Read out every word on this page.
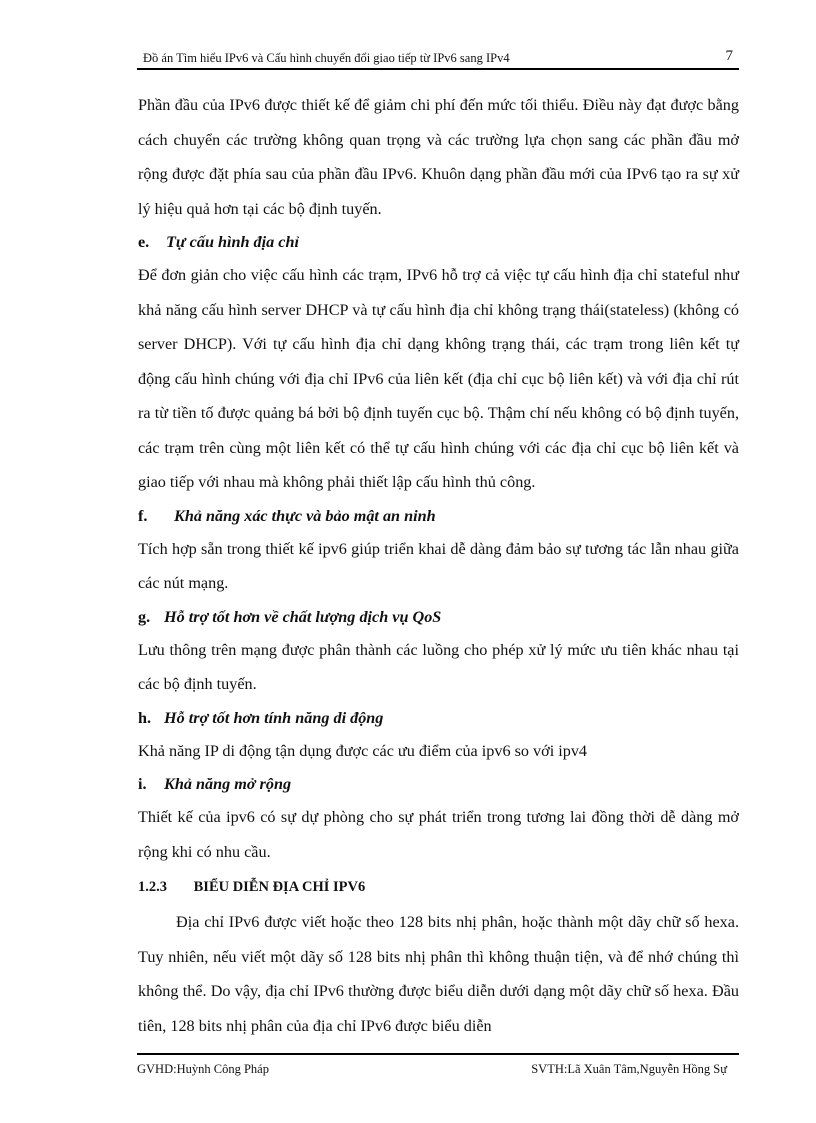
Đồ án Tìm hiểu IPv6 và Cấu hình chuyển đổi giao tiếp từ IPv6 sang IPv4	7

Phần đầu của IPv6 được thiết kế để giảm chi phí đến mức tối thiểu. Điều này đạt được bằng cách chuyển các trường không quan trọng và các trường lựa chọn sang các phần đầu mở rộng được đặt phía sau của phần đầu IPv6. Khuôn dạng phần đầu mới của IPv6 tạo ra sự xử lý hiệu quả hơn tại các bộ định tuyến.

e. Tự cấu hình địa chỉ

Để đơn giản cho việc cấu hình các trạm, IPv6 hỗ trợ cả việc tự cấu hình địa chỉ stateful như khả năng cấu hình server DHCP và tự cấu hình địa chỉ không trạng thái(stateless) (không có server DHCP). Với tự cấu hình địa chỉ dạng không trạng thái, các trạm trong liên kết tự động cấu hình chúng với địa chỉ IPv6 của liên kết (địa chỉ cục bộ liên kết) và với địa chỉ rút ra từ tiền tố được quảng bá bởi bộ định tuyến cục bộ. Thậm chí nếu không có bộ định tuyến, các trạm trên cùng một liên kết có thể tự cấu hình chúng với các địa chỉ cục bộ liên kết và giao tiếp với nhau mà không phải thiết lập cấu hình thủ công.

f. Khả năng xác thực và bảo mật an ninh

Tích hợp sẵn trong thiết kế ipv6 giúp triển khai dễ dàng đảm bảo sự tương tác lẫn nhau giữa các nút mạng.

g. Hỗ trợ tốt hơn về chất lượng dịch vụ QoS

Lưu thông trên mạng được phân thành các luồng cho phép xử lý mức ưu tiên khác nhau tại các bộ định tuyến.

h. Hỗ trợ tốt hơn tính năng di động

Khả năng IP di động tận dụng được các ưu điểm của ipv6 so với ipv4

i. Khả năng mở rộng

Thiết kế của ipv6 có sự dự phòng cho sự phát triển trong tương lai đồng thời dễ dàng mở rộng khi có nhu cầu.

1.2.3 BIỂU DIỄN ĐỊA CHỈ IPV6

Địa chỉ IPv6 được viết hoặc theo 128 bits nhị phân, hoặc thành một dãy chữ số hexa. Tuy nhiên, nếu viết một dãy số 128 bits nhị phân thì không thuận tiện, và để nhớ chúng thì không thể. Do vậy, địa chỉ IPv6 thường được biểu diễn dưới dạng một dãy chữ số hexa. Đầu tiên, 128 bits nhị phân của địa chỉ IPv6 được biểu diễn

GVHD:Huỳnh Công Pháp	SVTH:Lã Xuân Tâm,Nguyễn Hồng Sự
